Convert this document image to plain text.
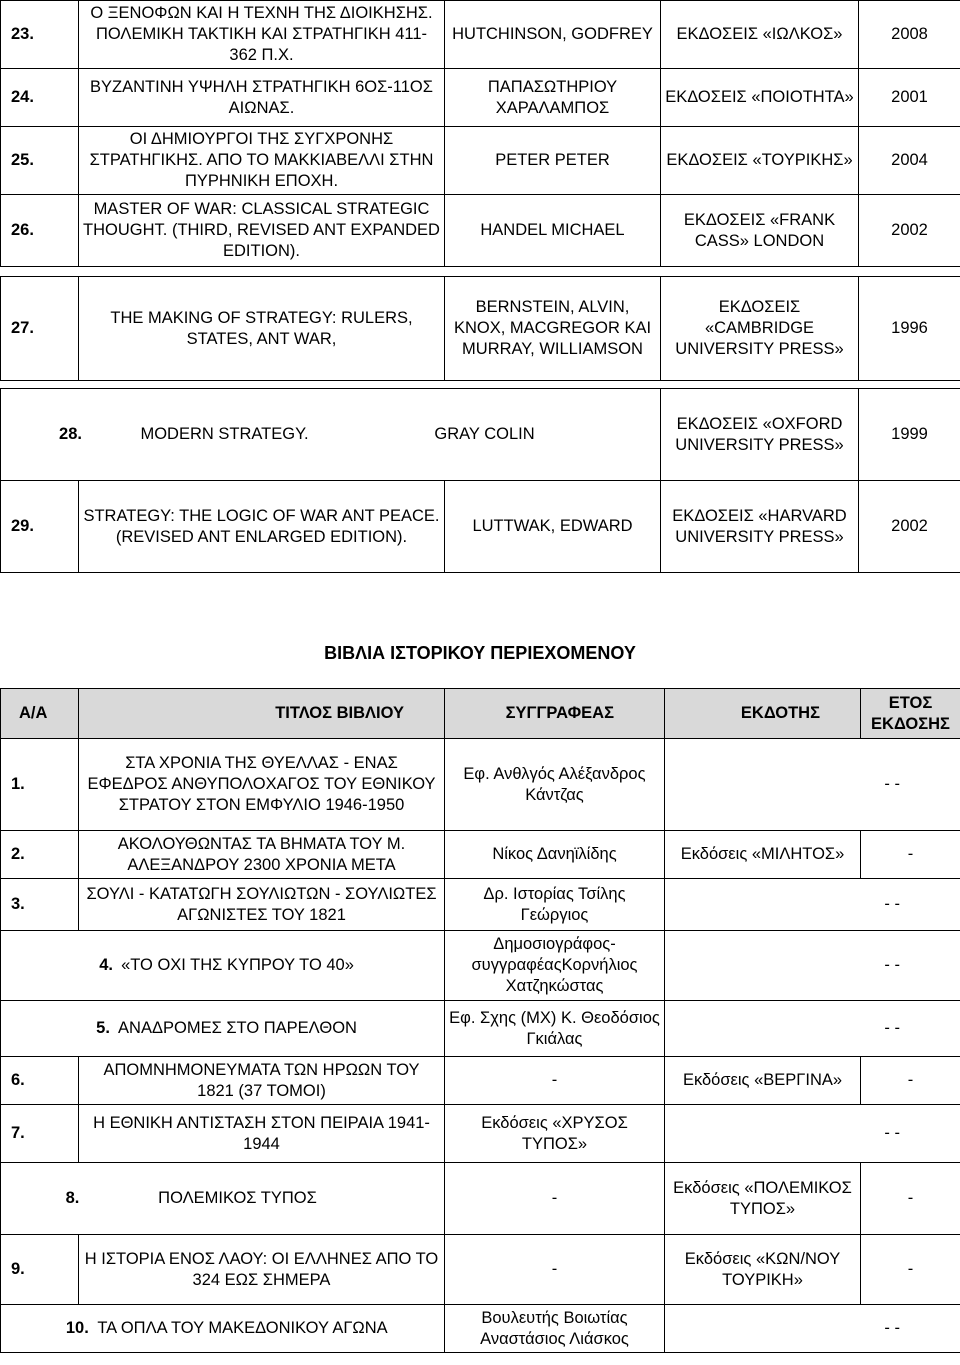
23.	Ο ΞΕΝΟΦΩΝ ΚΑΙ Η ΤΕΧΝΗ ΤΗΣ ΔΙΟΙΚΗΣΗΣ. ΠΟΛΕΜΙΚΗ ΤΑΚΤΙΚΗ ΚΑΙ ΣΤΡΑΤΗΓΙΚΗ 411-362 Π.Χ.	HUTCHINSON, GODFREY	ΕΚΔΟΣΕΙΣ «ΙΩΛΚΟΣ»	2008
24.	ΒΥΖΑΝΤΙΝΗ ΥΨΗΛΗ ΣΤΡΑΤΗΓΙΚΗ 6ΟΣ-11ΟΣ ΑΙΩΝΑΣ.	ΠΑΠΑΣΩΤΗΡΙΟΥ ΧΑΡΑΛΑΜΠΟΣ	ΕΚΔΟΣΕΙΣ «ΠΟΙΟΤΗΤΑ»	2001
25.	ΟΙ ΔΗΜΙΟΥΡΓΟΙ ΤΗΣ ΣΥΓΧΡΟΝΗΣ ΣΤΡΑΤΗΓΙΚΗΣ. ΑΠΟ ΤΟ ΜΑΚΚΙΑΒΕΛΛΙ ΣΤΗΝ ΠΥΡΗΝΙΚΗ ΕΠΟΧΗ.	PETER PETER	ΕΚΔΟΣΕΙΣ «ΤΟΥΡΙΚΗΣ»	2004
26.	MASTER OF WAR: CLASSICAL STRATEGIC THOUGHT. (THIRD, REVISED ANT EXPANDED EDITION).	HANDEL MICHAEL	ΕΚΔΟΣΕΙΣ «FRANK CASS» LONDON	2002
27.	THE MAKING OF STRATEGY: RULERS, STATES, ANT WAR,	BERNSTEIN, ALVIN, KNOX, MACGREGOR ΚΑΙ MURRAY, WILLIAMSON	ΕΚΔΟΣΕΙΣ «CAMBRIDGE UNIVERSITY PRESS»	1996
28. MODERN STRATEGY. GRAY COLIN			ΕΚΔΟΣΕΙΣ «OXFORD UNIVERSITY PRESS»	1999
29.	STRATEGY: THE LOGIC OF WAR ANT PEACE. (REVISED ANT ENLARGED EDITION).	LUTTWAK, EDWARD	ΕΚΔΟΣΕΙΣ «HARVARD UNIVERSITY PRESS»	2002
ΒΙΒΛΙΑ ΙΣΤΟΡΙΚΟΥ ΠΕΡΙΕΧΟΜΕΝΟΥ
Α/Α	ΤΙΤΛΟΣ ΒΙΒΛΙΟΥ	ΣΥΓΓΡΑΦΕΑΣ	ΕΚΔΟΤΗΣ	ΕΤΟΣ ΕΚΔΟΣΗΣ
1.	ΣΤΑ ΧΡΟΝΙΑ ΤΗΣ ΘΥΕΛΛΑΣ - ΕΝΑΣ ΕΦΕΔΡΟΣ ΑΝΘΥΠΟΛΟΧΑΓΟΣ ΤΟΥ ΕΘΝΙΚΟΥ ΣΤΡΑΤΟΥ ΣΤΟΝ ΕΜΦΥΛΙΟ 1946-1950	Εφ. Ανθλγός Αλέξανδρος Κάντζας	- -	
2.	ΑΚΟΛΟΥΘΩΝΤΑΣ ΤΑ ΒΗΜΑΤΑ ΤΟΥ Μ. ΑΛΕΞΑΝΔΡΟΥ 2300 ΧΡΟΝΙΑ ΜΕΤΑ	Νίκος Δανηϊλίδης	Εκδόσεις «ΜΙΛΗΤΟΣ»	-
3.	ΣΟΥΛΙ - ΚΑΤΑΤΩΓΗ ΣΟΥΛΙΩΤΩΝ - ΣΟΥΛΙΩΤΕΣ ΑΓΩΝΙΣΤΕΣ ΤΟΥ 1821	Δρ. Ιστορίας Τσίλης Γεώργιος	- -	
4. «ΤΟ ΟΧΙ ΤΗΣ ΚΥΠΡΟΥ ΤΟ 40»		Δημοσιογράφος-συγγραφέαςΚορνήλιος Χατζηκώστας	- -	
5. ΑΝΑΔΡΟΜΕΣ ΣΤΟ ΠΑΡΕΛΘΟΝ		Εφ. Σχης (ΜΧ) Κ. Θεοδόσιος Γκιάλας	- -	
6.	ΑΠΟΜΝΗΜΟΝΕΥΜΑΤΑ ΤΩΝ ΗΡΩΩΝ ΤΟΥ 1821 (37 ΤΟΜΟΙ)	-	Εκδόσεις «ΒΕΡΓΙΝΑ»	-
7.	Η ΕΘΝΙΚΗ ΑΝΤΙΣΤΑΣΗ ΣΤΟΝ ΠΕΙΡΑΙΑ 1941-1944	Εκδόσεις «ΧΡΥΣΟΣ ΤΥΠΟΣ»	- -	
8. ΠΟΛΕΜΙΚΟΣ ΤΥΠΟΣ		-	Εκδόσεις «ΠΟΛΕΜΙΚΟΣ ΤΥΠΟΣ»	-
9.	Η ΙΣΤΟΡΙΑ ΕΝΟΣ ΛΑΟΥ: ΟΙ ΕΛΛΗΝΕΣ ΑΠΟ ΤΟ 324 ΕΩΣ ΣΗΜΕΡΑ	-	Εκδόσεις «ΚΩΝ/ΝΟΥ ΤΟΥΡΙΚΗ»	-
10. ΤΑ ΟΠΛΑ ΤΟΥ ΜΑΚΕΔΟΝΙΚΟΥ ΑΓΩΝΑ		Βουλευτής Βοιωτίας Αναστάσιος Λιάσκος	- -	
